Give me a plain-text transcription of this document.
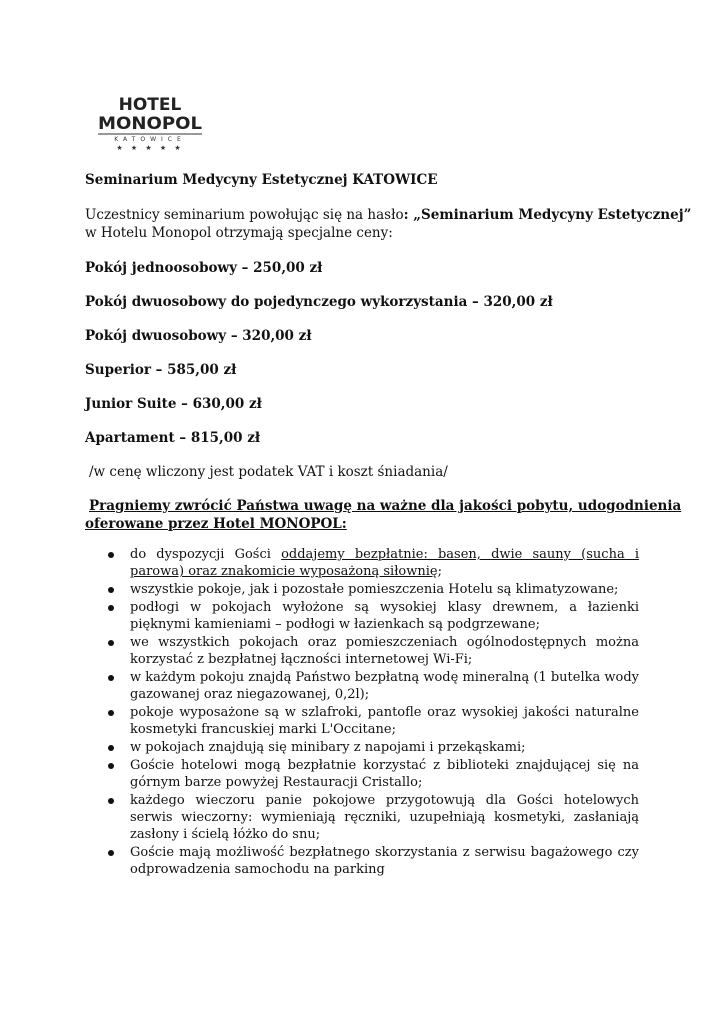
HOTEL
MONOPOL
KATOWICE
★ ★ ★ ★ ★
Seminarium Medycyny Estetycznej KATOWICE
Uczestnicy seminarium powołując się na hasło: „Seminarium Medycyny Estetycznej”
w Hotelu Monopol otrzymają specjalne ceny:
Pokój jednoosobowy – 250,00 zł
Pokój dwuosobowy do pojedynczego wykorzystania – 320,00 zł
Pokój dwuosobowy – 320,00 zł
Superior – 585,00 zł
Junior Suite – 630,00 zł
Apartament – 815,00 zł
/w cenę wliczony jest podatek VAT i koszt śniadania/
Pragniemy zwrócić Państwa uwagę na ważne dla jakości pobytu, udogodnienia
oferowane przez Hotel MONOPOL:
do dyspozycji Gości oddajemy bezpłatnie: basen, dwie sauny (sucha i parowa) oraz znakomicie wyposażoną siłownię;
wszystkie pokoje, jak i pozostałe pomieszczenia Hotelu są klimatyzowane;
podłogi w pokojach wyłożone są wysokiej klasy drewnem, a łazienki pięknymi kamieniami – podłogi w łazienkach są podgrzewane;
we wszystkich pokojach oraz pomieszczeniach ogólnodostępnych można korzystać z bezpłatnej łączności internetowej Wi-Fi;
w każdym pokoju znajdą Państwo bezpłatną wodę mineralną (1 butelka wody gazowanej oraz niegazowanej, 0,2l);
pokoje wyposażone są w szlafroki, pantofle oraz wysokiej jakości naturalne kosmetyki francuskiej marki L'Occitane;
w pokojach znajdują się minibary z napojami i przekąskami;
Goście hotelowi mogą bezpłatnie korzystać z biblioteki znajdującej się na górnym barze powyżej Restauracji Cristallo;
każdego wieczoru panie pokojowe przygotowują dla Gości hotelowych serwis wieczorny: wymieniają ręczniki, uzupełniają kosmetyki, zasłaniają zasłony i ścielą łóżko do snu;
Goście mają możliwość bezpłatnego skorzystania z serwisu bagażowego czy odprowadzenia samochodu na parking
